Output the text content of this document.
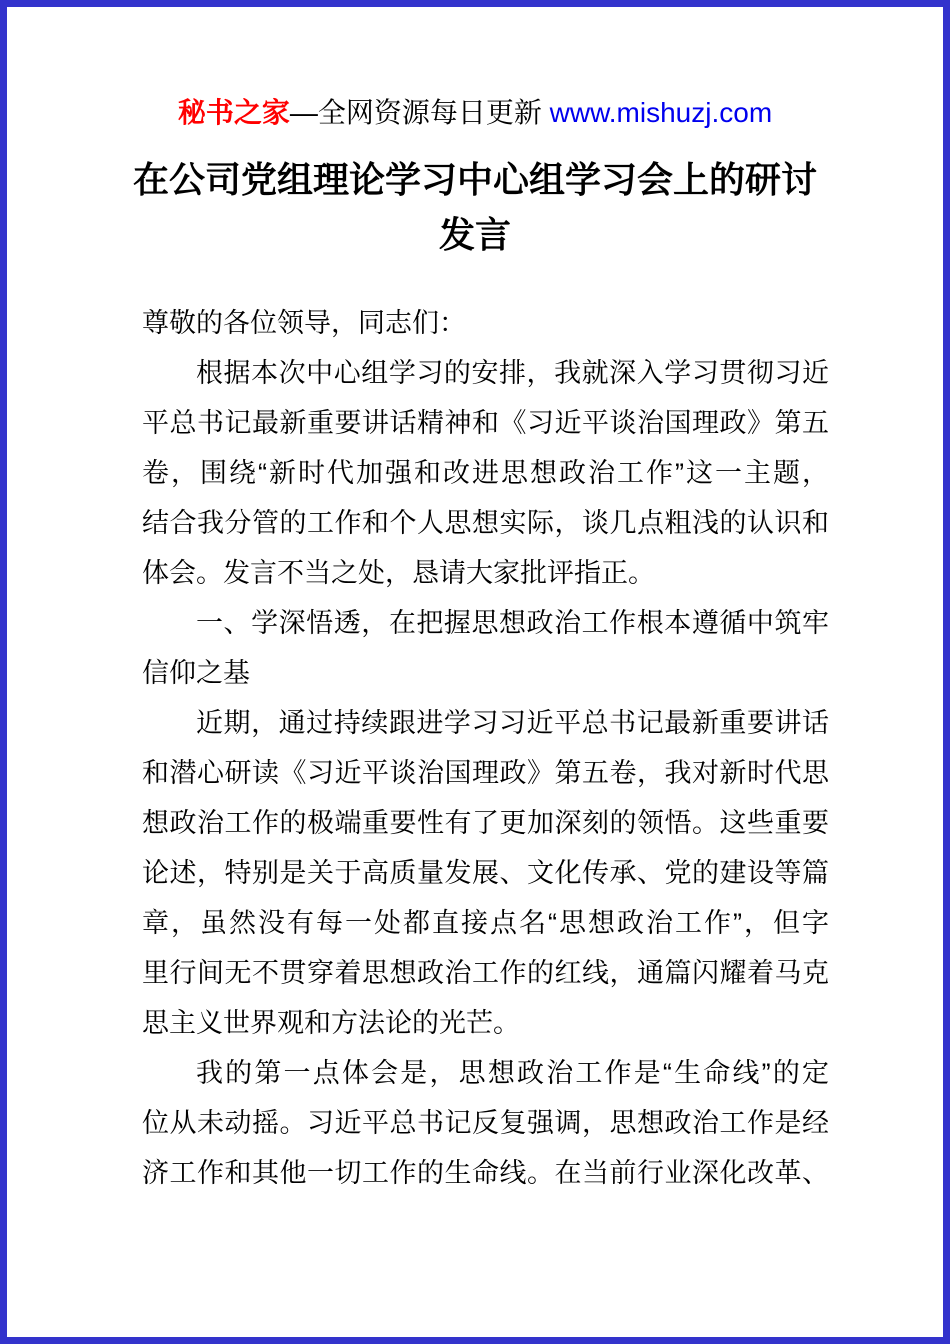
秘书之家—全网资源每日更新 www.mishuzj.com
在公司党组理论学习中心组学习会上的研讨
发言
尊敬的各位领导，同志们：
根据本次中心组学习的安排，我就深入学习贯彻习近
平总书记最新重要讲话精神和《习近平谈治国理政》第五
卷，围绕“新时代加强和改进思想政治工作”这一主题，
结合我分管的工作和个人思想实际，谈几点粗浅的认识和
体会。发言不当之处，恳请大家批评指正。
一、学深悟透，在把握思想政治工作根本遵循中筑牢
信仰之基
近期，通过持续跟进学习习近平总书记最新重要讲话
和潜心研读《习近平谈治国理政》第五卷，我对新时代思
想政治工作的极端重要性有了更加深刻的领悟。这些重要
论述，特别是关于高质量发展、文化传承、党的建设等篇
章，虽然没有每一处都直接点名“思想政治工作”，但字
里行间无不贯穿着思想政治工作的红线，通篇闪耀着马克
思主义世界观和方法论的光芒。
我的第一点体会是，思想政治工作是“生命线”的定
位从未动摇。习近平总书记反复强调，思想政治工作是经
济工作和其他一切工作的生命线。在当前行业深化改革、
